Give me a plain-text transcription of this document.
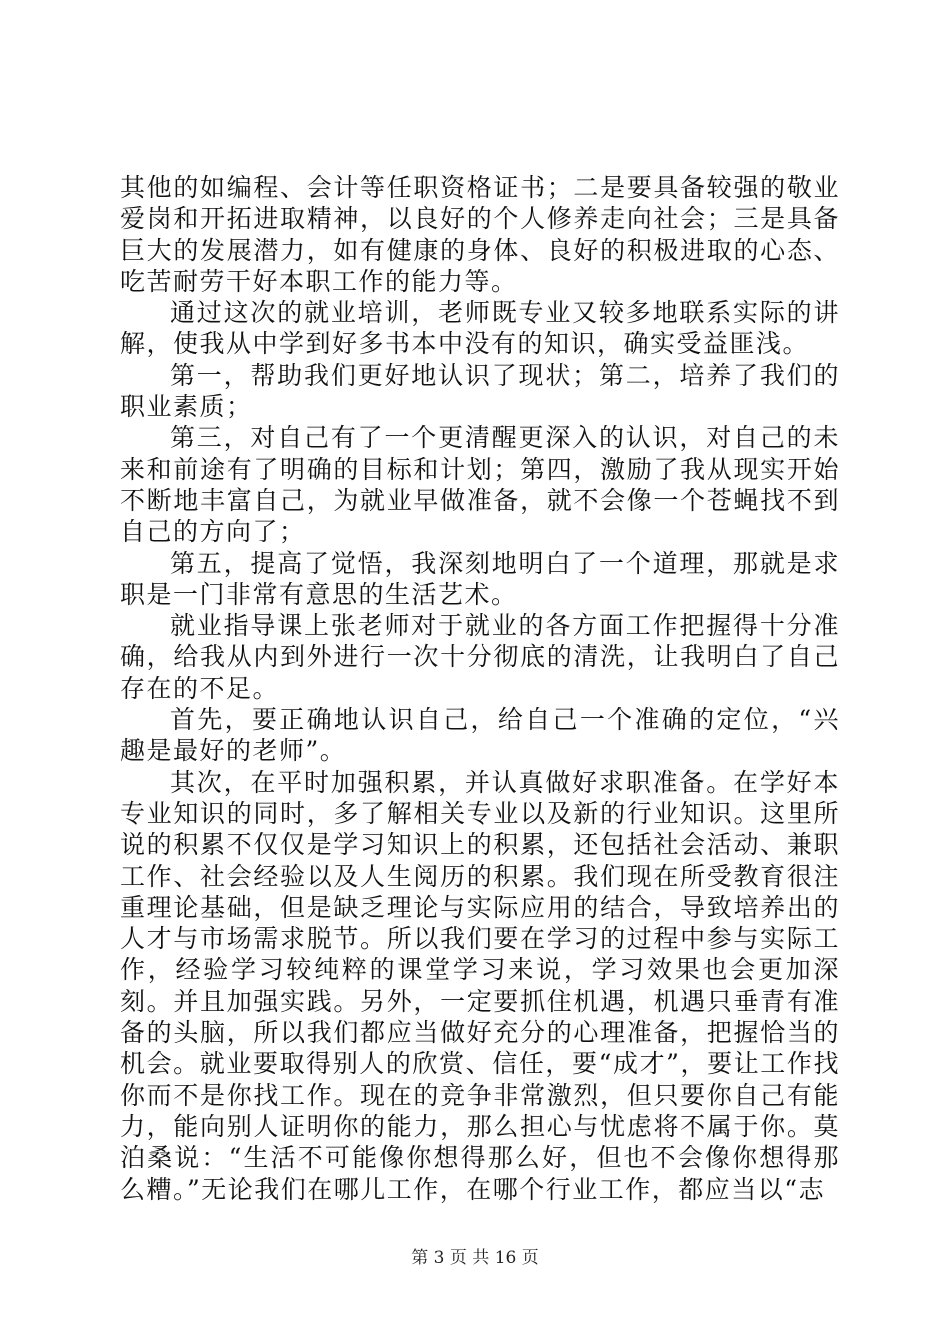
其他的如编程、会计等任职资格证书；二是要具备较强的敬业爱岗和开拓进取精神，以良好的个人修养走向社会；三是具备巨大的发展潜力，如有健康的身体、良好的积极进取的心态、吃苦耐劳干好本职工作的能力等。

通过这次的就业培训，老师既专业又较多地联系实际的讲解，使我从中学到好多书本中没有的知识，确实受益匪浅。

第一，帮助我们更好地认识了现状；第二，培养了我们的职业素质；

第三，对自己有了一个更清醒更深入的认识，对自己的未来和前途有了明确的目标和计划；第四，激励了我从现实开始不断地丰富自己，为就业早做准备，就不会像一个苍蝇找不到自己的方向了；

第五，提高了觉悟，我深刻地明白了一个道理，那就是求职是一门非常有意思的生活艺术。

就业指导课上张老师对于就业的各方面工作把握得十分准确，给我从内到外进行一次十分彻底的清洗，让我明白了自己存在的不足。

首先，要正确地认识自己，给自己一个准确的定位，“兴趣是最好的老师”。

其次，在平时加强积累，并认真做好求职准备。在学好本专业知识的同时，多了解相关专业以及新的行业知识。这里所说的积累不仅仅是学习知识上的积累，还包括社会活动、兼职工作、社会经验以及人生阅历的积累。我们现在所受教育很注重理论基础，但是缺乏理论与实际应用的结合，导致培养出的人才与市场需求脱节。所以我们要在学习的过程中参与实际工作，经验学习较纯粹的课堂学习来说，学习效果也会更加深刻。并且加强实践。另外，一定要抓住机遇，机遇只垂青有准备的头脑，所以我们都应当做好充分的心理准备，把握恰当的机会。就业要取得别人的欣赏、信任，要“成才”，要让工作找你而不是你找工作。现在的竞争非常激烈，但只要你自己有能力，能向别人证明你的能力，那么担心与忧虑将不属于你。莫泊桑说：“生活不可能像你想得那么好，但也不会像你想得那么糟。”无论我们在哪儿工作，在哪个行业工作，都应当以“志

第 3 页 共 16 页
